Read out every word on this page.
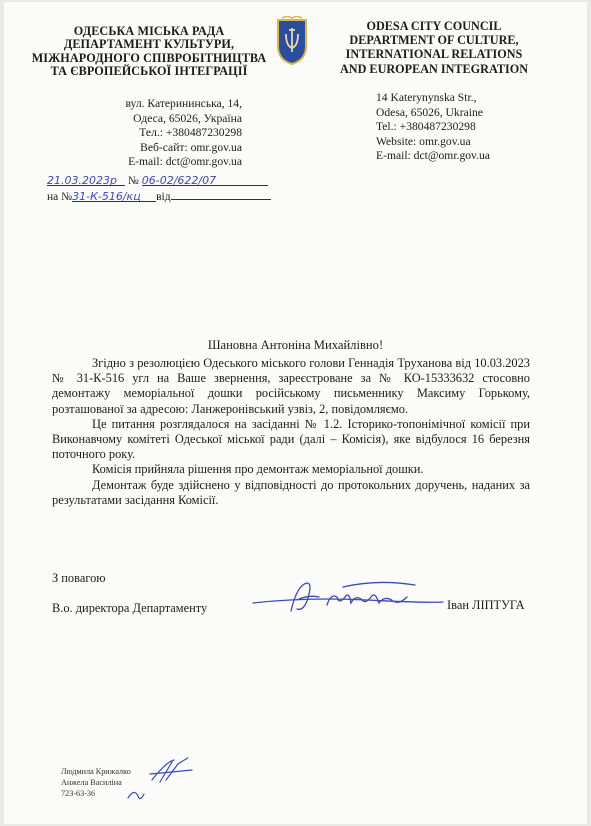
ОДЕСЬКА МІСЬКА РАДА
ДЕПАРТАМЕНТ КУЛЬТУРИ,
МІЖНАРОДНОГО СПІВРОБІТНИЦТВА
ТА ЄВРОПЕЙСЬКОЇ ІНТЕГРАЦІЇ
ODESA CITY COUNCIL
DEPARTMENT OF CULTURE,
INTERNATIONAL RELATIONS
AND EUROPEAN INTEGRATION
вул. Катерининська, 14,
Одеса, 65026, Україна
Тел.: +380487230298
Веб-сайт: omr.gov.ua
E-mail: dct@omr.gov.ua
14 Katerynynska Str.,
Odesa, 65026, Ukraine
Tel.: +380487230298
Website: omr.gov.ua
E-mail: dct@omr.gov.ua
21.03.2023р № 06-02/622/07
на №31-К-516/кц від
Шановна Антоніна Михайлівно!

Згідно з резолюцією Одеського міського голови Геннадія Труханова від 10.03.2023 № 31-К-516 угл на Ваше звернення, зареєстроване за № КО-15333632 стосовно демонтажу меморіальної дошки російському письменнику Максиму Горькому, розташованої за адресою: Ланжеронівський узвіз, 2, повідомляємо.

Це питання розглядалося на засіданні № 1.2. Історико-топонімічної комісії при Виконавчому комітеті Одеської міської ради (далі – Комісія), яке відбулося 16 березня поточного року.

Комісія прийняла рішення про демонтаж меморіальної дошки.

Демонтаж буде здійснено у відповідності до протокольних доручень, наданих за результатами засідання Комісії.

З повагою
В.о. директора Департаменту	Іван ЛІПТУГА
Людмила Крижалко
Анжела Василіна
723-63-36
